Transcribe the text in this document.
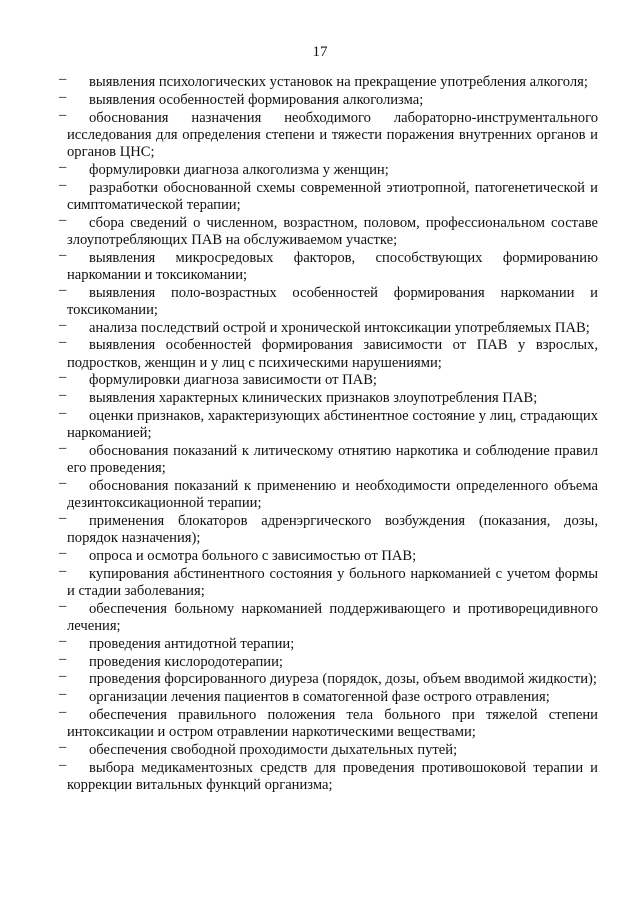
17
–	выявления психологических установок на прекращение употребления алкоголя;
–	выявления особенностей формирования алкоголизма;
–	обоснования назначения необходимого лабораторно-инструментального исследования для определения степени и тяжести поражения внутренних органов и органов ЦНС;
–	формулировки диагноза алкоголизма у женщин;
–	разработки обоснованной схемы современной этиотропной, патогенетической и симптоматической терапии;
–	сбора сведений о численном, возрастном, половом, профессиональном составе злоупотребляющих ПАВ на обслуживаемом участке;
–	выявления микросредовых факторов, способствующих формированию наркомании и токсикомании;
–	выявления поло-возрастных особенностей формирования наркомании и токсикомании;
–	анализа последствий острой и хронической интоксикации употребляемых ПАВ;
–	выявления особенностей формирования зависимости от ПАВ у взрослых, подростков, женщин и у лиц с психическими нарушениями;
–	формулировки диагноза зависимости от ПАВ;
–	выявления характерных клинических признаков злоупотребления ПАВ;
–	оценки признаков, характеризующих абстинентное состояние у лиц, страдающих наркоманией;
–	обоснования показаний к литическому отнятию наркотика и соблюдение правил его проведения;
–	обоснования показаний к применению и необходимости определенного объема дезинтоксикационной терапии;
–	применения блокаторов адренэргического возбуждения (показания, дозы, порядок назначения);
–	опроса и осмотра больного с зависимостью от ПАВ;
–	купирования абстинентного состояния у больного наркоманией с учетом формы и стадии заболевания;
–	обеспечения больному наркоманией поддерживающего и противорецидивного лечения;
–	проведения антидотной терапии;
–	проведения кислородотерапии;
–	проведения форсированного диуреза (порядок, дозы, объем вводимой жидкости);
–	организации лечения пациентов в соматогенной фазе острого отравления;
–	обеспечения правильного положения тела больного при тяжелой степени интоксикации и остром отравлении наркотическими веществами;
–	обеспечения свободной проходимости дыхательных путей;
–	выбора медикаментозных средств для проведения противошоковой терапии и коррекции витальных функций организма;
